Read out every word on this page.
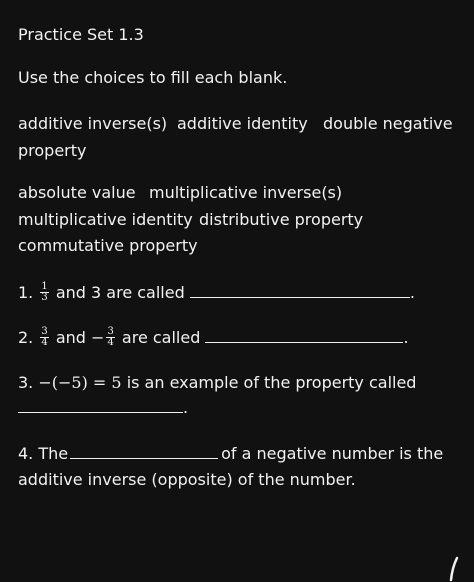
Practice Set 1.3
Use the choices to fill each blank.
additive inverse(s) additive identity double negative
property
absolute value multiplicative inverse(s)
multiplicative identity distributive property
commutative property
1. $\frac{1}{3}$ and 3 are called	.
2. $\frac{3}{4}$ and − $\frac{3}{4}$ are called	.
3. −(−5) = 5 is an example of the property called
.
4. The	of a negative number is the
additive inverse (opposite) of the number.
